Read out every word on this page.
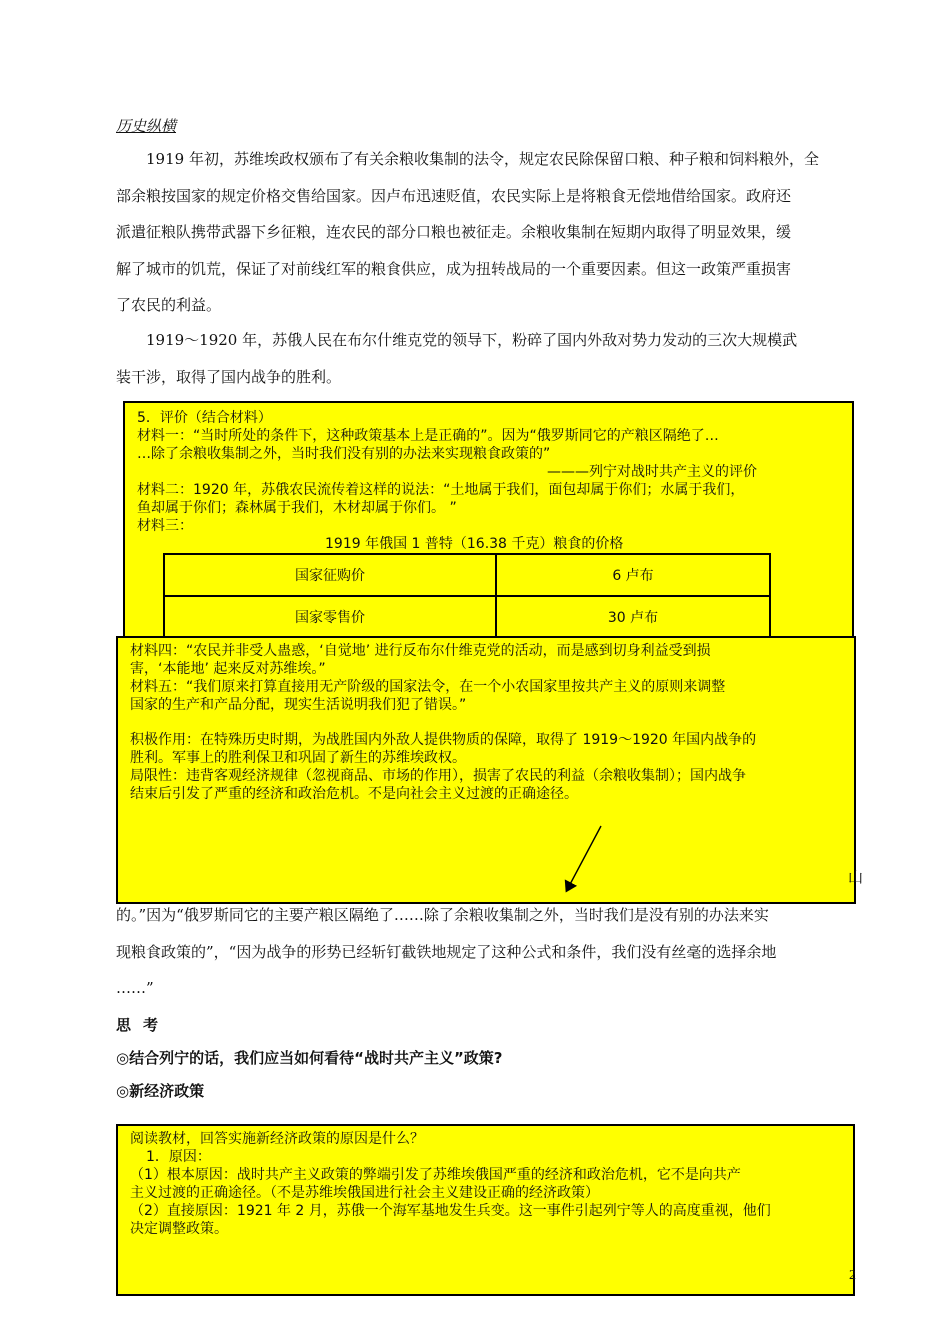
历史纵横
1919 年初，苏维埃政权颁布了有关余粮收集制的法令，规定农民除保留口粮、种子粮和饲料粮外，全
部余粮按国家的规定价格交售给国家。因卢布迅速贬值，农民实际上是将粮食无偿地借给国家。政府还
派遣征粮队携带武器下乡征粮，连农民的部分口粮也被征走。余粮收集制在短期内取得了明显效果，缓
解了城市的饥荒，保证了对前线红军的粮食供应，成为扭转战局的一个重要因素。但这一政策严重损害
了农民的利益。
1919～1920 年，苏俄人民在布尔什维克党的领导下，粉碎了国内外敌对势力发动的三次大规模武
装干涉，取得了国内战争的胜利。
5．评价（结合材料）
材料一：“当时所处的条件下，这种政策基本上是正确的”。因为“俄罗斯同它的产粮区隔绝了…
…除了余粮收集制之外，当时我们没有别的办法来实现粮食政策的”
———列宁对战时共产主义的评价
材料二：1920 年，苏俄农民流传着这样的说法：“土地属于我们，面包却属于你们；水属于我们，
鱼却属于你们；森林属于我们，木材却属于你们。 ”
材料三：
1919 年俄国 1 普特（16.38 千克）粮食的价格
国家征购价	6 卢布
国家零售价	30 卢布
材料四：“农民并非受人蛊惑，‘自觉地’ 进行反布尔什维克党的活动，而是感到切身利益受到损
害，‘本能地’ 起来反对苏维埃。”
材料五：“我们原来打算直接用无产阶级的国家法令，在一个小农国家里按共产主义的原则来调整
国家的生产和产品分配，现实生活说明我们犯了错误。”
积极作用：在特殊历史时期，为战胜国内外敌人提供物质的保障，取得了 1919～1920 年国内战争的
胜利。军事上的胜利保卫和巩固了新生的苏维埃政权。
局限性：违背客观经济规律（忽视商品、市场的作用），损害了农民的利益（余粮收集制）；国内战争
结束后引发了严重的经济和政治危机。不是向社会主义过渡的正确途径。
山
的。”因为“俄罗斯同它的主要产粮区隔绝了……除了余粮收集制之外，当时我们是没有别的办法来实
现粮食政策的”，“因为战争的形势已经斩钉截铁地规定了这种公式和条件，我们没有丝毫的选择余地
……”
思考
◎结合列宁的话，我们应当如何看待“战时共产主义”政策?
◎新经济政策
阅读教材，回答实施新经济政策的原因是什么？
1．原因：
（1）根本原因：战时共产主义政策的弊端引发了苏维埃俄国严重的经济和政治危机，它不是向共产
主义过渡的正确途径。（不是苏维埃俄国进行社会主义建设正确的经济政策）
（2）直接原因：1921 年 2 月，苏俄一个海军基地发生兵变。这一事件引起列宁等人的高度重视，他们
决定调整政策。
2
